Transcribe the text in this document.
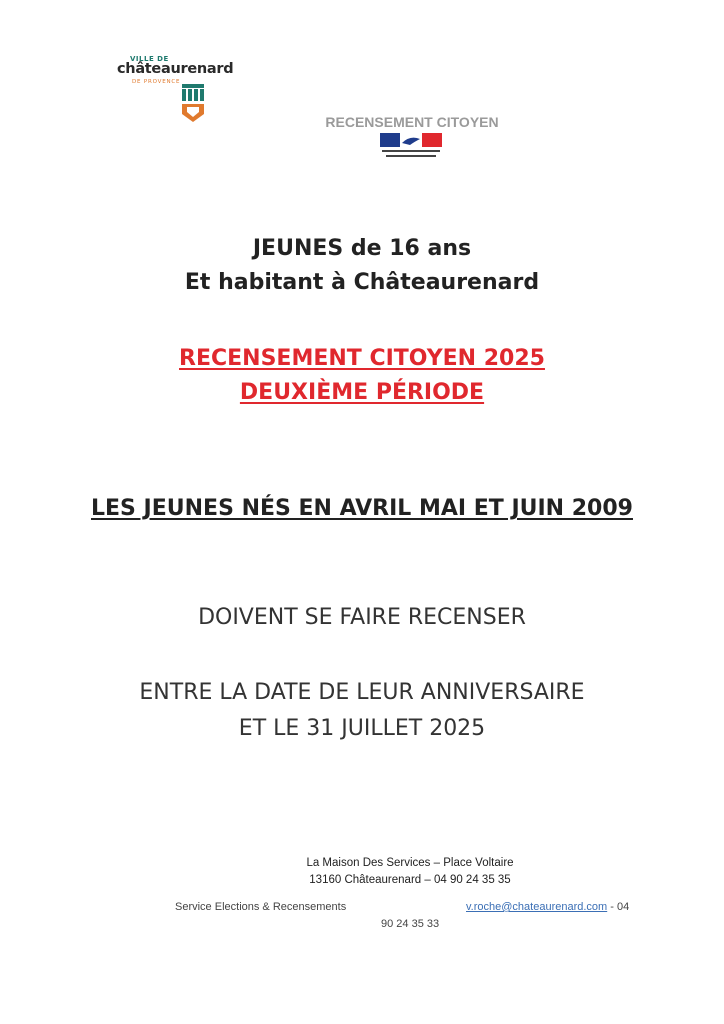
VILLE DE
châteaurenard
DE PROVENCE
RECENSEMENT CITOYEN
JEUNES de 16 ans
Et habitant à Châteaurenard
RECENSEMENT CITOYEN 2025
DEUXIÈME PÉRIODE
LES JEUNES NÉS EN AVRIL MAI ET JUIN 2009
DOIVENT SE FAIRE RECENSER
ENTRE LA DATE DE LEUR ANNIVERSAIRE
ET LE 31 JUILLET 2025
La Maison Des Services – Place Voltaire
13160 Châteaurenard – 04 90 24 35 35
Service Elections & Recensements	v.roche@chateaurenard.com - 04
90 24 35 33
